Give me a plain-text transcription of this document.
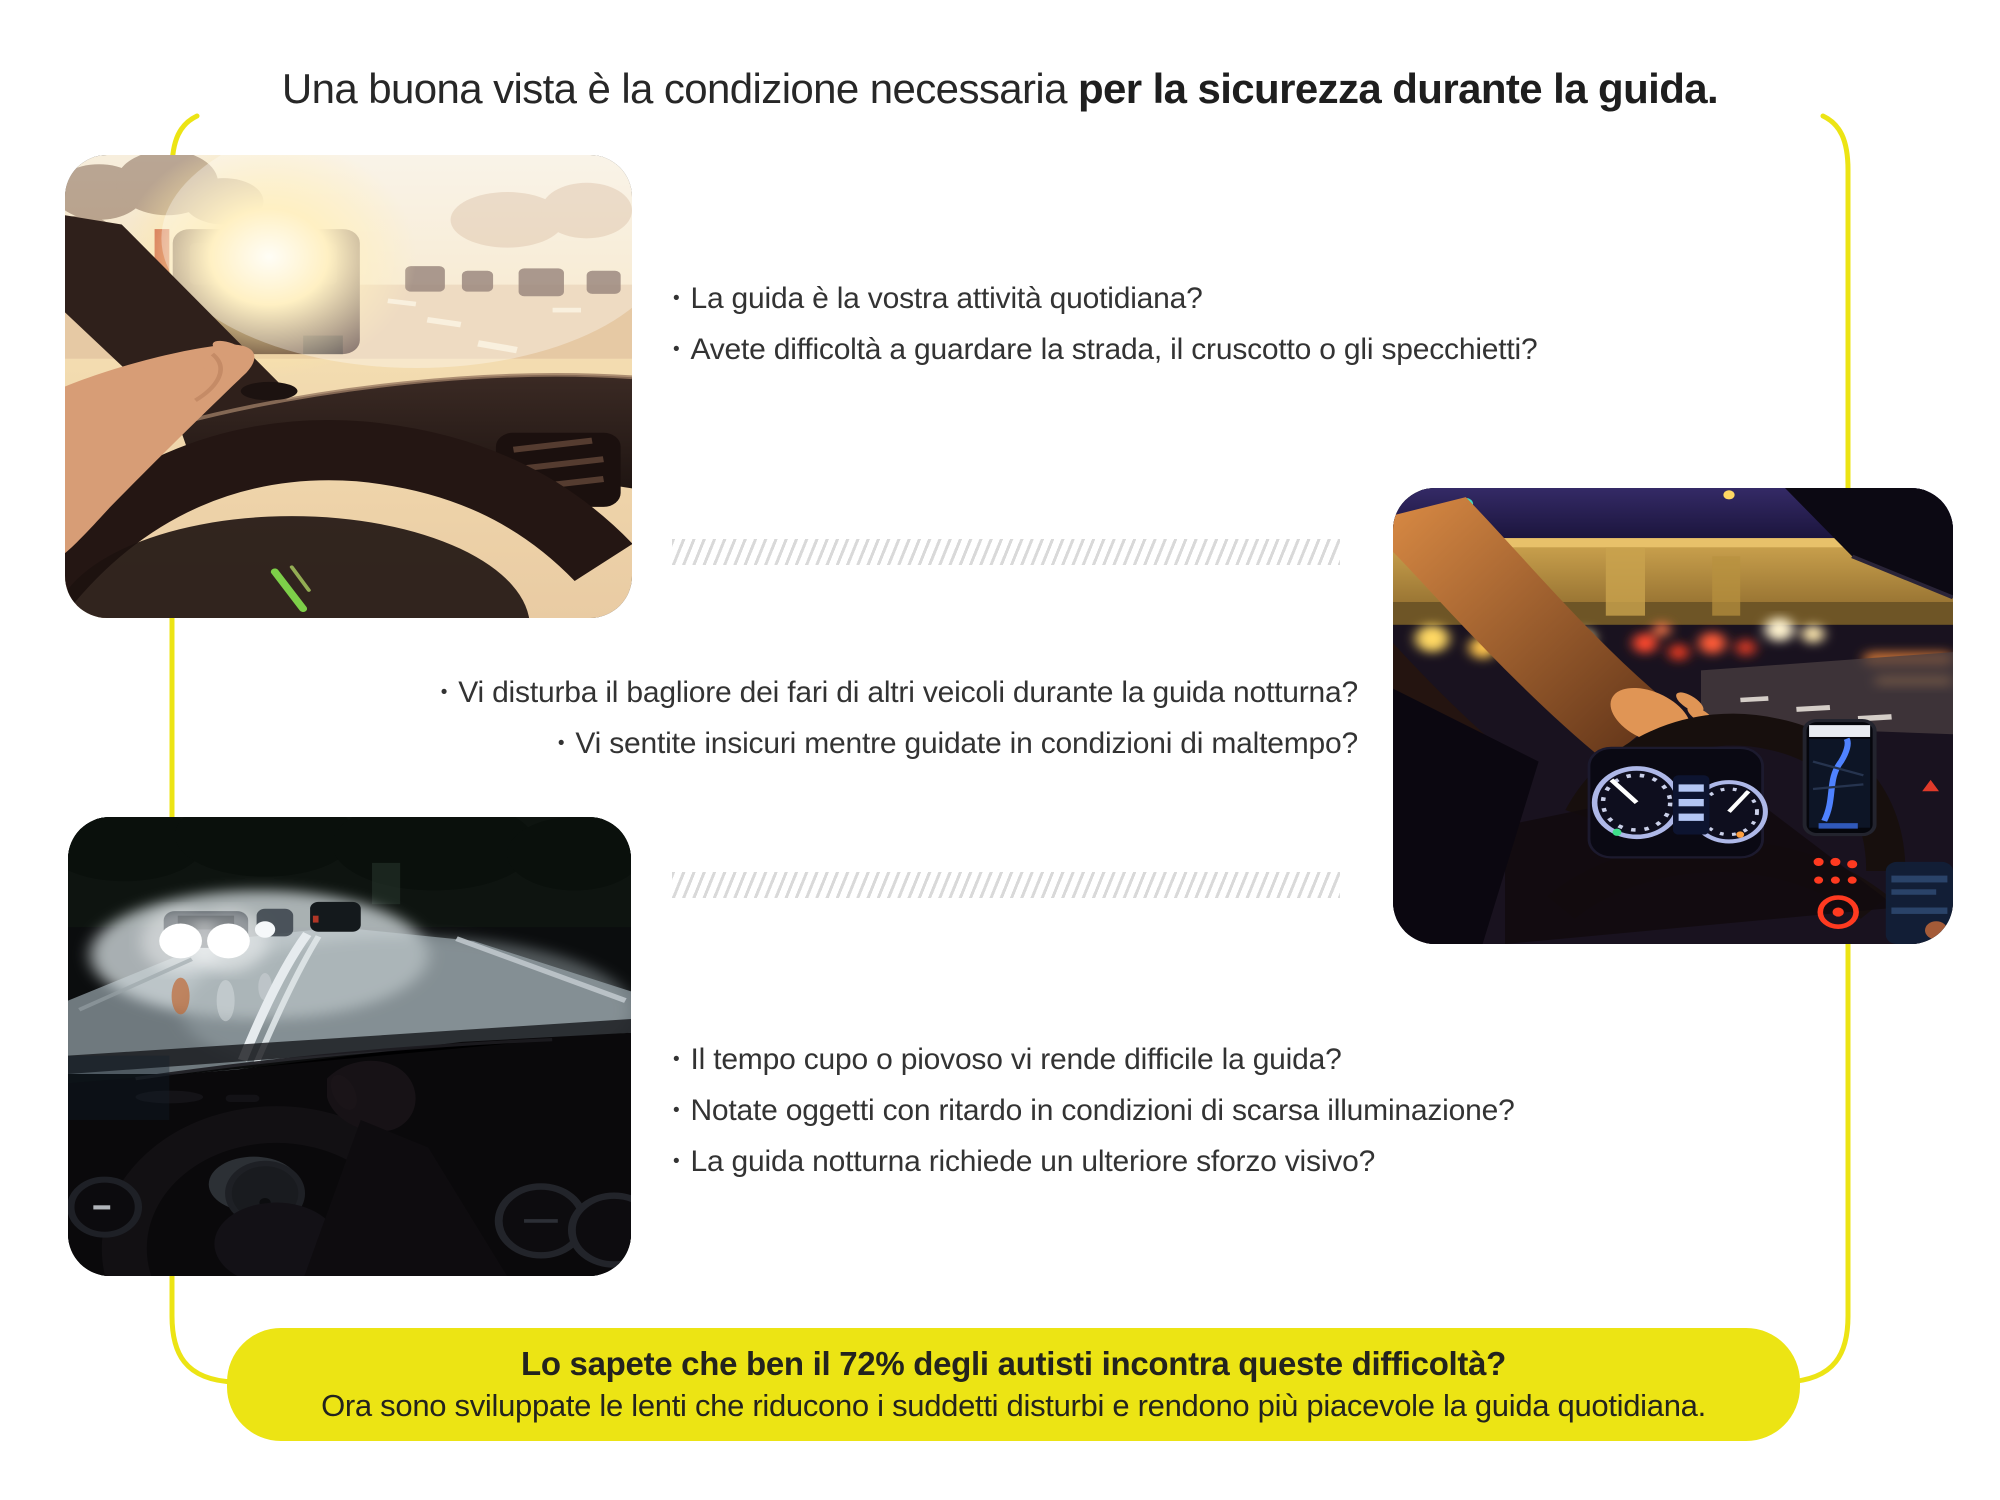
Una buona vista è la condizione necessaria per la sicurezza durante la guida.
• La guida è la vostra attività quotidiana?
• Avete difficoltà a guardare la strada, il cruscotto o gli specchietti?
• Vi disturba il bagliore dei fari di altri veicoli durante la guida notturna?
• Vi sentite insicuri mentre guidate in condizioni di maltempo?
• Il tempo cupo o piovoso vi rende difficile la guida?
• Notate oggetti con ritardo in condizioni di scarsa illuminazione?
• La guida notturna richiede un ulteriore sforzo visivo?
Lo sapete che ben il 72% degli autisti incontra queste difficoltà?
Ora sono sviluppate le lenti che riducono i suddetti disturbi e rendono più piacevole la guida quotidiana.
